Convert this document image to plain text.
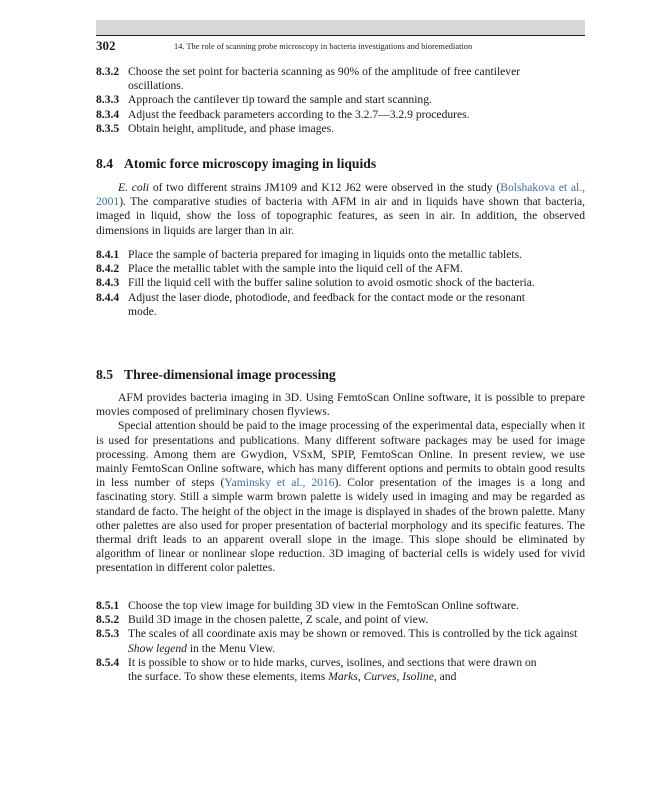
302	14. The role of scanning probe microscopy in bacteria investigations and bioremediation
8.3.2 Choose the set point for bacteria scanning as 90% of the amplitude of free cantilever oscillations.
8.3.3 Approach the cantilever tip toward the sample and start scanning.
8.3.4 Adjust the feedback parameters according to the 3.2.7—3.2.9 procedures.
8.3.5 Obtain height, amplitude, and phase images.
8.4 Atomic force microscopy imaging in liquids

E. coli of two different strains JM109 and K12 J62 were observed in the study (Bolshakova et al., 2001). The comparative studies of bacteria with AFM in air and in liquids have shown that bacteria, imaged in liquid, show the loss of topographic features, as seen in air. In addition, the observed dimensions in liquids are larger than in air.

8.4.1 Place the sample of bacteria prepared for imaging in liquids onto the metallic tablets.
8.4.2 Place the metallic tablet with the sample into the liquid cell of the AFM.
8.4.3 Fill the liquid cell with the buffer saline solution to avoid osmotic shock of the bacteria.
8.4.4 Adjust the laser diode, photodiode, and feedback for the contact mode or the resonant mode.
8.5 Three-dimensional image processing

AFM provides bacteria imaging in 3D. Using FemtoScan Online software, it is possible to prepare movies composed of preliminary chosen flyviews.

Special attention should be paid to the image processing of the experimental data, especially when it is used for presentations and publications. Many different software packages may be used for image processing. Among them are Gwydion, VSxM, SPIP, FemtoScan Online. In present review, we use mainly FemtoScan Online software, which has many different options and permits to obtain good results in less number of steps (Yaminsky et al., 2016). Color presentation of the images is a long and fascinating story. Still a simple warm brown palette is widely used in imaging and may be regarded as standard de facto. The height of the object in the image is displayed in shades of the brown palette. Many other palettes are also used for proper presentation of bacterial morphology and its specific features. The thermal drift leads to an apparent overall slope in the image. This slope should be eliminated by algorithm of linear or nonlinear slope reduction. 3D imaging of bacterial cells is widely used for vivid presentation in different color palettes.

8.5.1 Choose the top view image for building 3D view in the FemtoScan Online software.
8.5.2 Build 3D image in the chosen palette, Z scale, and point of view.
8.5.3 The scales of all coordinate axis may be shown or removed. This is controlled by the tick against Show legend in the Menu View.
8.5.4 It is possible to show or to hide marks, curves, isolines, and sections that were drawn on the surface. To show these elements, items Marks, Curves, Isoline, and
